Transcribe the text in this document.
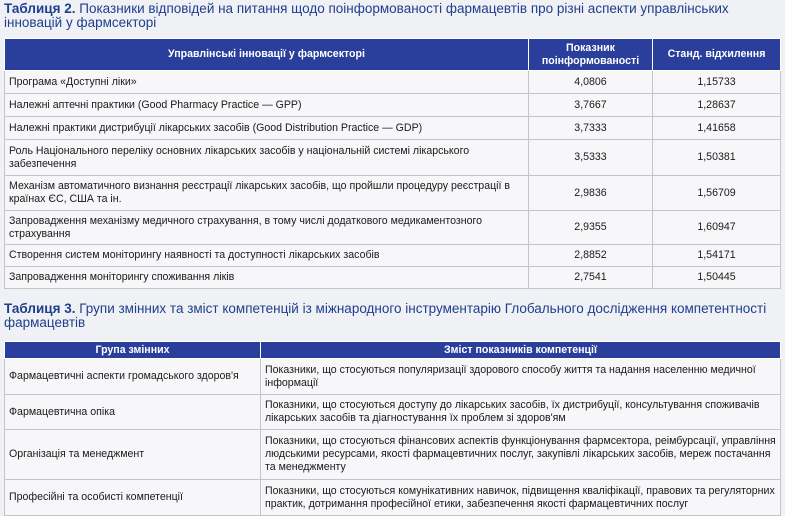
Таблиця 2. Показники відповідей на питання щодо поінформованості фармацевтів про різні аспекти управлінських інновацій у фармсекторі
Управлінські інновації у фармсекторі	Показник поінформованості	Станд. відхилення
Програма «Доступні ліки»	4,0806	1,15733
Належні аптечні практики (Good Pharmacy Practice — GPP)	3,7667	1,28637
Належні практики дистрибуції лікарських засобів (Good Distribution Practice — GDP)	3,7333	1,41658
Роль Національного переліку основних лікарських засобів у національній системі лікарського забезпечення	3,5333	1,50381
Механізм автоматичного визнання реєстрації лікарських засобів, що пройшли процедуру реєстрації в країнах ЄС, США та ін.	2,9836	1,56709
Запровадження механізму медичного страхування, в тому числі додаткового медикаментозного страхування	2,9355	1,60947
Створення систем моніторингу наявності та доступності лікарських засобів	2,8852	1,54171
Запровадження моніторингу споживання ліків	2,7541	1,50445
Таблиця 3. Групи змінних та зміст компетенцій із міжнародного інструментарію Глобального дослідження компетентності фармацевтів
Група змінних	Зміст показників компетенції
Фармацевтичні аспекти громадського здоров'я	Показники, що стосуються популяризації здорового способу життя та надання населенню медичної інформації
Фармацевтична опіка	Показники, що стосуються доступу до лікарських засобів, їх дистрибуції, консультування споживачів лікарських засобів та діагностування їх проблем зі здоров'ям
Організація та менеджмент	Показники, що стосуються фінансових аспектів функціонування фармсектора, реімбурсації, управління людськими ресурсами, якості фармацевтичних послуг, закупівлі лікарських засобів, мереж постачання та менеджменту
Професійні та особисті компетенції	Показники, що стосуються комунікативних навичок, підвищення кваліфікації, правових та регуляторних практик, дотримання професійної етики, забезпечення якості фармацевтичних послуг
